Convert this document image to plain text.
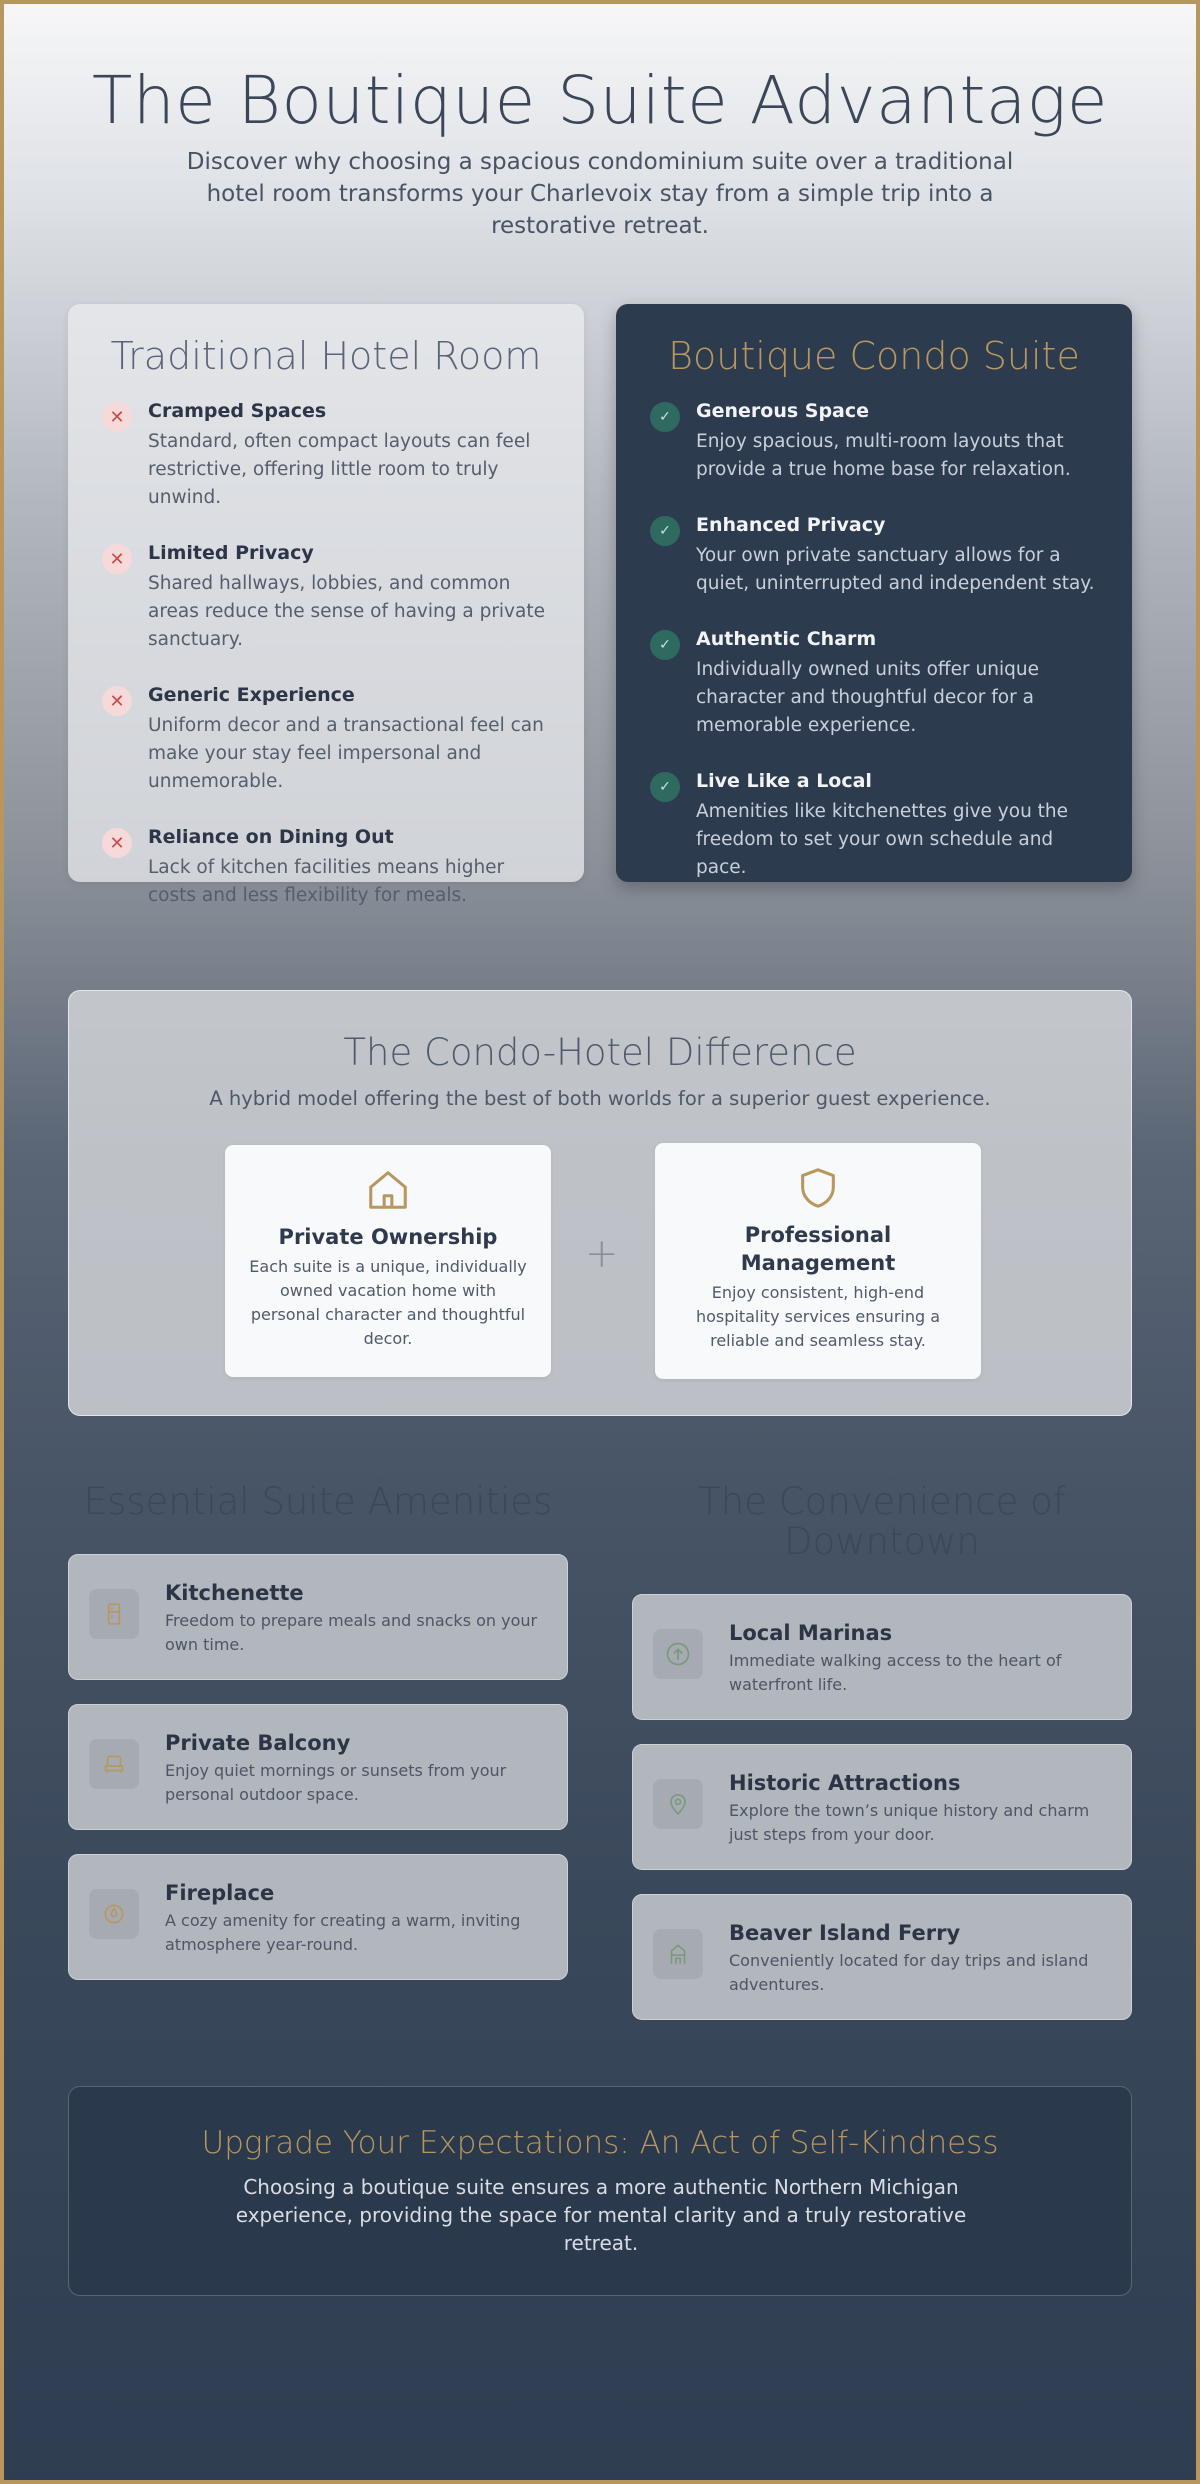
The Boutique Suite Advantage

Discover why choosing a spacious condominium suite over a traditional hotel room transforms your Charlevoix stay from a simple trip into a restorative retreat.

Traditional Hotel Room
✕	Cramped Spaces
Standard, often compact layouts can feel restrictive, offering little room to truly unwind.
✕	Limited Privacy
Shared hallways, lobbies, and common areas reduce the sense of having a private sanctuary.
✕	Generic Experience
Uniform decor and a transactional feel can make your stay feel impersonal and unmemorable.
✕	Reliance on Dining Out
Lack of kitchen facilities means higher costs and less flexibility for meals.
Boutique Condo Suite
✓	Generous Space
Enjoy spacious, multi-room layouts that provide a true home base for relaxation.
✓	Enhanced Privacy
Your own private sanctuary allows for a quiet, uninterrupted and independent stay.
✓	Authentic Charm
Individually owned units offer unique character and thoughtful decor for a memorable experience.
✓	Live Like a Local
Amenities like kitchenettes give you the freedom to set your own schedule and pace.
The Condo-Hotel Difference

A hybrid model offering the best of both worlds for a superior guest experience.

Private Ownership
Each suite is a unique, individually owned vacation home with personal character and thoughtful decor.
+	Professional Management
Enjoy consistent, high-end hospitality services ensuring a reliable and seamless stay.
Essential Suite Amenities
Kitchenette
Freedom to prepare meals and snacks on your own time.
Private Balcony
Enjoy quiet mornings or sunsets from your personal outdoor space.
Fireplace
A cozy amenity for creating a warm, inviting atmosphere year-round.
The Convenience of Downtown
Local Marinas
Immediate walking access to the heart of waterfront life.
Historic Attractions
Explore the town’s unique history and charm just steps from your door.
Beaver Island Ferry
Conveniently located for day trips and island adventures.
Upgrade Your Expectations: An Act of Self-Kindness

Choosing a boutique suite ensures a more authentic Northern Michigan experience, providing the space for mental clarity and a truly restorative retreat.
